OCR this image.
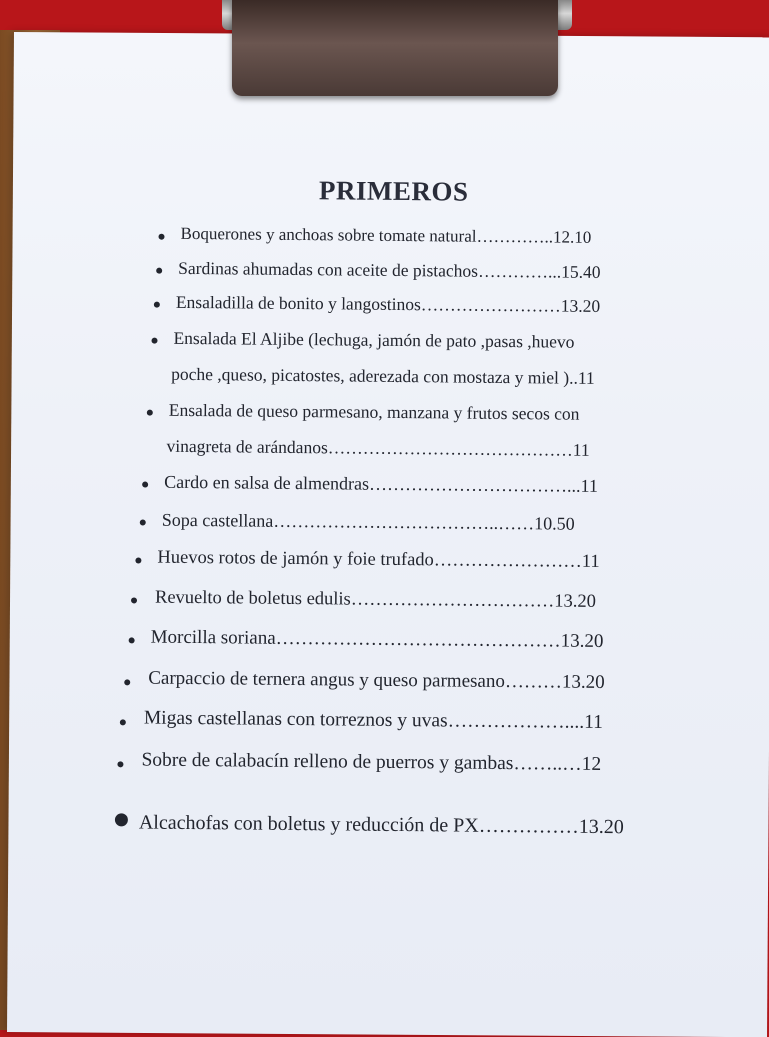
PRIMEROS
Boquerones y anchoas sobre tomate natural…………..12.10
Sardinas ahumadas con aceite de pistachos…………...15.40
Ensaladilla de bonito y langostinos……………………13.20
Ensalada El Aljibe (lechuga, jamón de pato ,pasas ,huevo
poche ,queso, picatostes, aderezada con mostaza y miel )..11
Ensalada de queso parmesano, manzana y frutos secos con
vinagreta de arándanos……………………………………11
Cardo en salsa de almendras……………………………...11
Sopa castellana………………………………..……10.50
Huevos rotos de jamón y foie trufado……………………11
Revuelto de boletus edulis……………………………13.20
Morcilla soriana………………………………………13.20
Carpaccio de ternera angus y queso parmesano………13.20
Migas castellanas con torreznos y uvas………………....11
Sobre de calabacín relleno de puerros y gambas……..…12
Alcachofas con boletus y reducción de PX……………13.20
